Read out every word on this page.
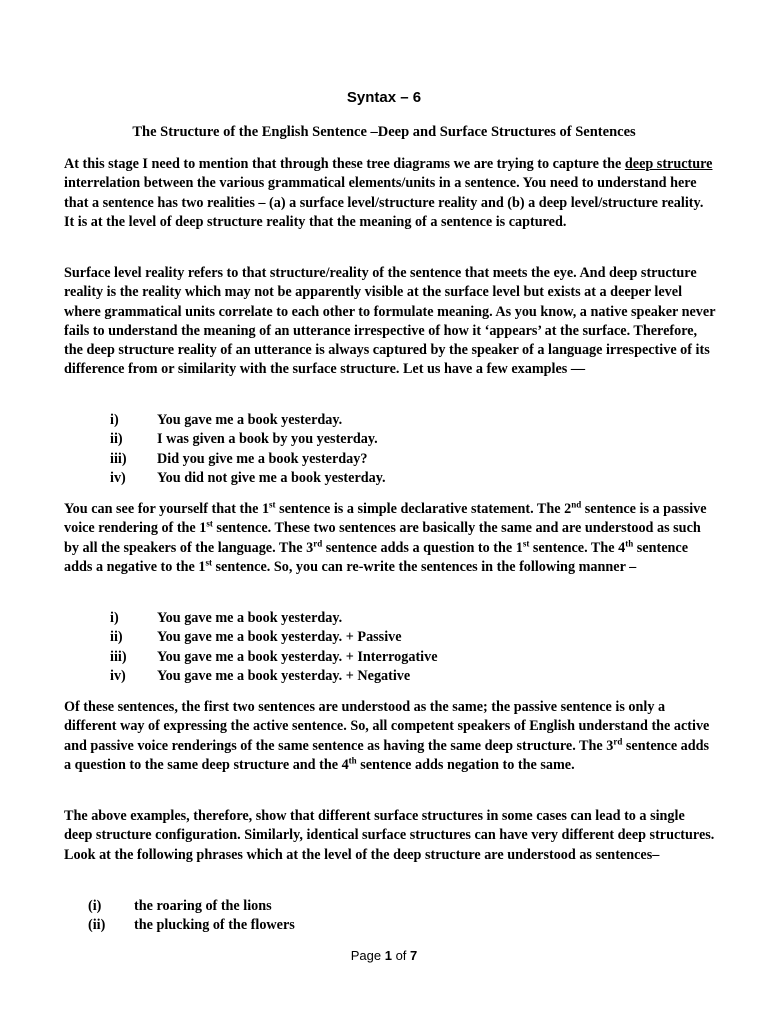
Syntax – 6
The Structure of the English Sentence –Deep and Surface Structures of Sentences

At this stage I need to mention that through these tree diagrams we are trying to capture the deep structure interrelation between the various grammatical elements/units in a sentence. You need to understand here that a sentence has two realities – (a) a surface level/structure reality and (b) a deep level/structure reality. It is at the level of deep structure reality that the meaning of a sentence is captured.

Surface level reality refers to that structure/reality of the sentence that meets the eye. And deep structure reality is the reality which may not be apparently visible at the surface level but exists at a deeper level where grammatical units correlate to each other to formulate meaning. As you know, a native speaker never fails to understand the meaning of an utterance irrespective of how it ‘appears’ at the surface. Therefore, the deep structure reality of an utterance is always captured by the speaker of a language irrespective of its difference from or similarity with the surface structure. Let us have a few examples —

i)	You gave me a book yesterday.
ii)	I was given a book by you yesterday.
iii)	Did you give me a book yesterday?
iv)	You did not give me a book yesterday.

You can see for yourself that the 1st sentence is a simple declarative statement. The 2nd sentence is a passive voice rendering of the 1st sentence. These two sentences are basically the same and are understood as such by all the speakers of the language. The 3rd sentence adds a question to the 1st sentence. The 4th sentence adds a negative to the 1st sentence. So, you can re-write the sentences in the following manner –

i)	You gave me a book yesterday.
ii)	You gave me a book yesterday. + Passive
iii)	You gave me a book yesterday. + Interrogative
iv)	You gave me a book yesterday. + Negative

Of these sentences, the first two sentences are understood as the same; the passive sentence is only a different way of expressing the active sentence. So, all competent speakers of English understand the active and passive voice renderings of the same sentence as having the same deep structure. The 3rd sentence adds a question to the same deep structure and the 4th sentence adds negation to the same.

The above examples, therefore, show that different surface structures in some cases can lead to a single deep structure configuration. Similarly, identical surface structures can have very different deep structures. Look at the following phrases which at the level of the deep structure are understood as sentences–

(i)	the roaring of the lions
(ii)	the plucking of the flowers
Page 1 of 7
